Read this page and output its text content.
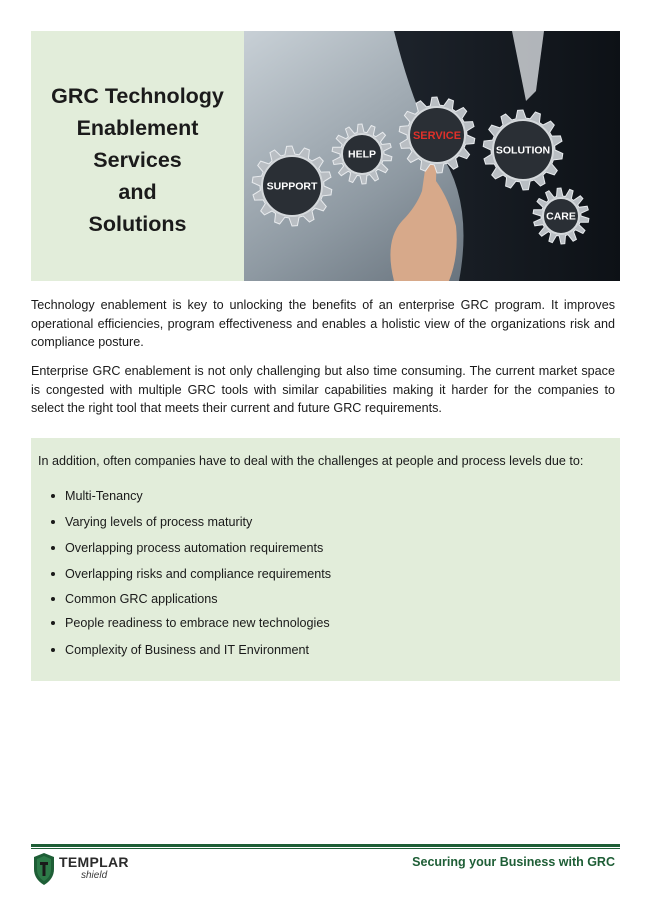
GRC Technology
Enablement Services
and
Solutions
SUPPORT
HELP
SERVICE
SOLUTION
CARE

Technology enablement is key to unlocking the benefits of an enterprise GRC program. It improves operational efficiencies, program effectiveness and enables a holistic view of the organizations risk and compliance posture.

Enterprise GRC enablement is not only challenging but also time consuming. The current market space is congested with multiple GRC tools with similar capabilities making it harder for the companies to select the right tool that meets their current and future GRC requirements.

In addition, often companies have to deal with the challenges at people and process levels due to:

Multi-Tenancy
Varying levels of process maturity
Overlapping process automation requirements
Overlapping risks and compliance requirements
Common GRC applications
People readiness to embrace new technologies
Complexity of Business and IT Environment
TEMPLAR
shield

Securing your Business with GRC
